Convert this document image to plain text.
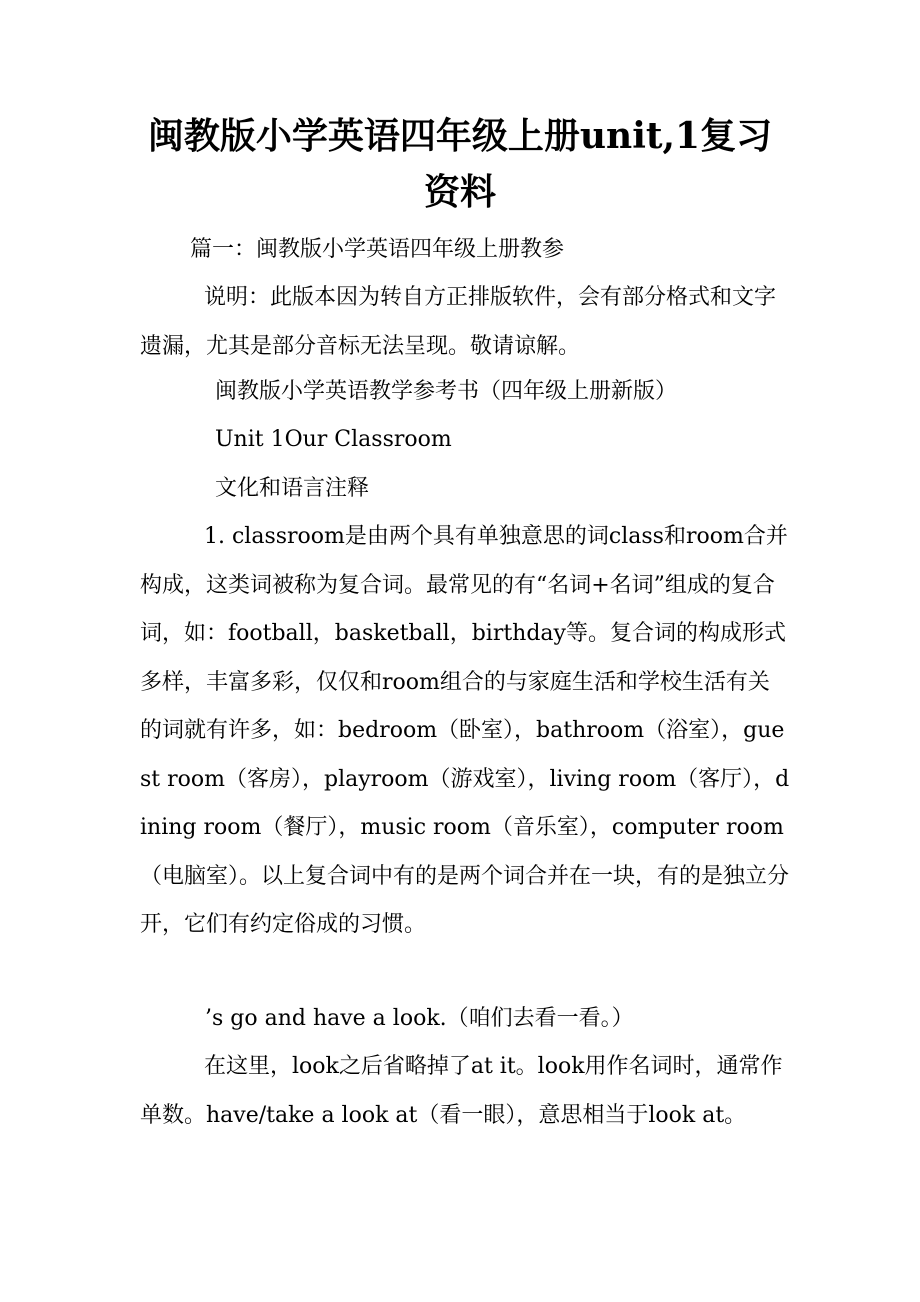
闽教版小学英语四年级上册unit,1复习资料
篇一：闽教版小学英语四年级上册教参
说明：此版本因为转自方正排版软件，会有部分格式和文字遗漏，尤其是部分音标无法呈现。敬请谅解。
闽教版小学英语教学参考书（四年级上册新版）
Unit 1Our Classroom
文化和语言注释
1. classroom是由两个具有单独意思的词class和room合并构成，这类词被称为复合词。最常见的有“名词+名词”组成的复合词，如：football，basketball，birthday等。复合词的构成形式多样，丰富多彩，仅仅和room组合的与家庭生活和学校生活有关的词就有许多，如：bedroom（卧室），bathroom（浴室），guest room（客房），playroom（游戏室），living room（客厅），dining room（餐厅），music room（音乐室），computer room（电脑室）。以上复合词中有的是两个词合并在一块，有的是独立分开，它们有约定俗成的习惯。
’s go and have a look.（咱们去看一看。）
在这里，look之后省略掉了at it。look用作名词时，通常作单数。have/take a look at（看一眼），意思相当于look at。
